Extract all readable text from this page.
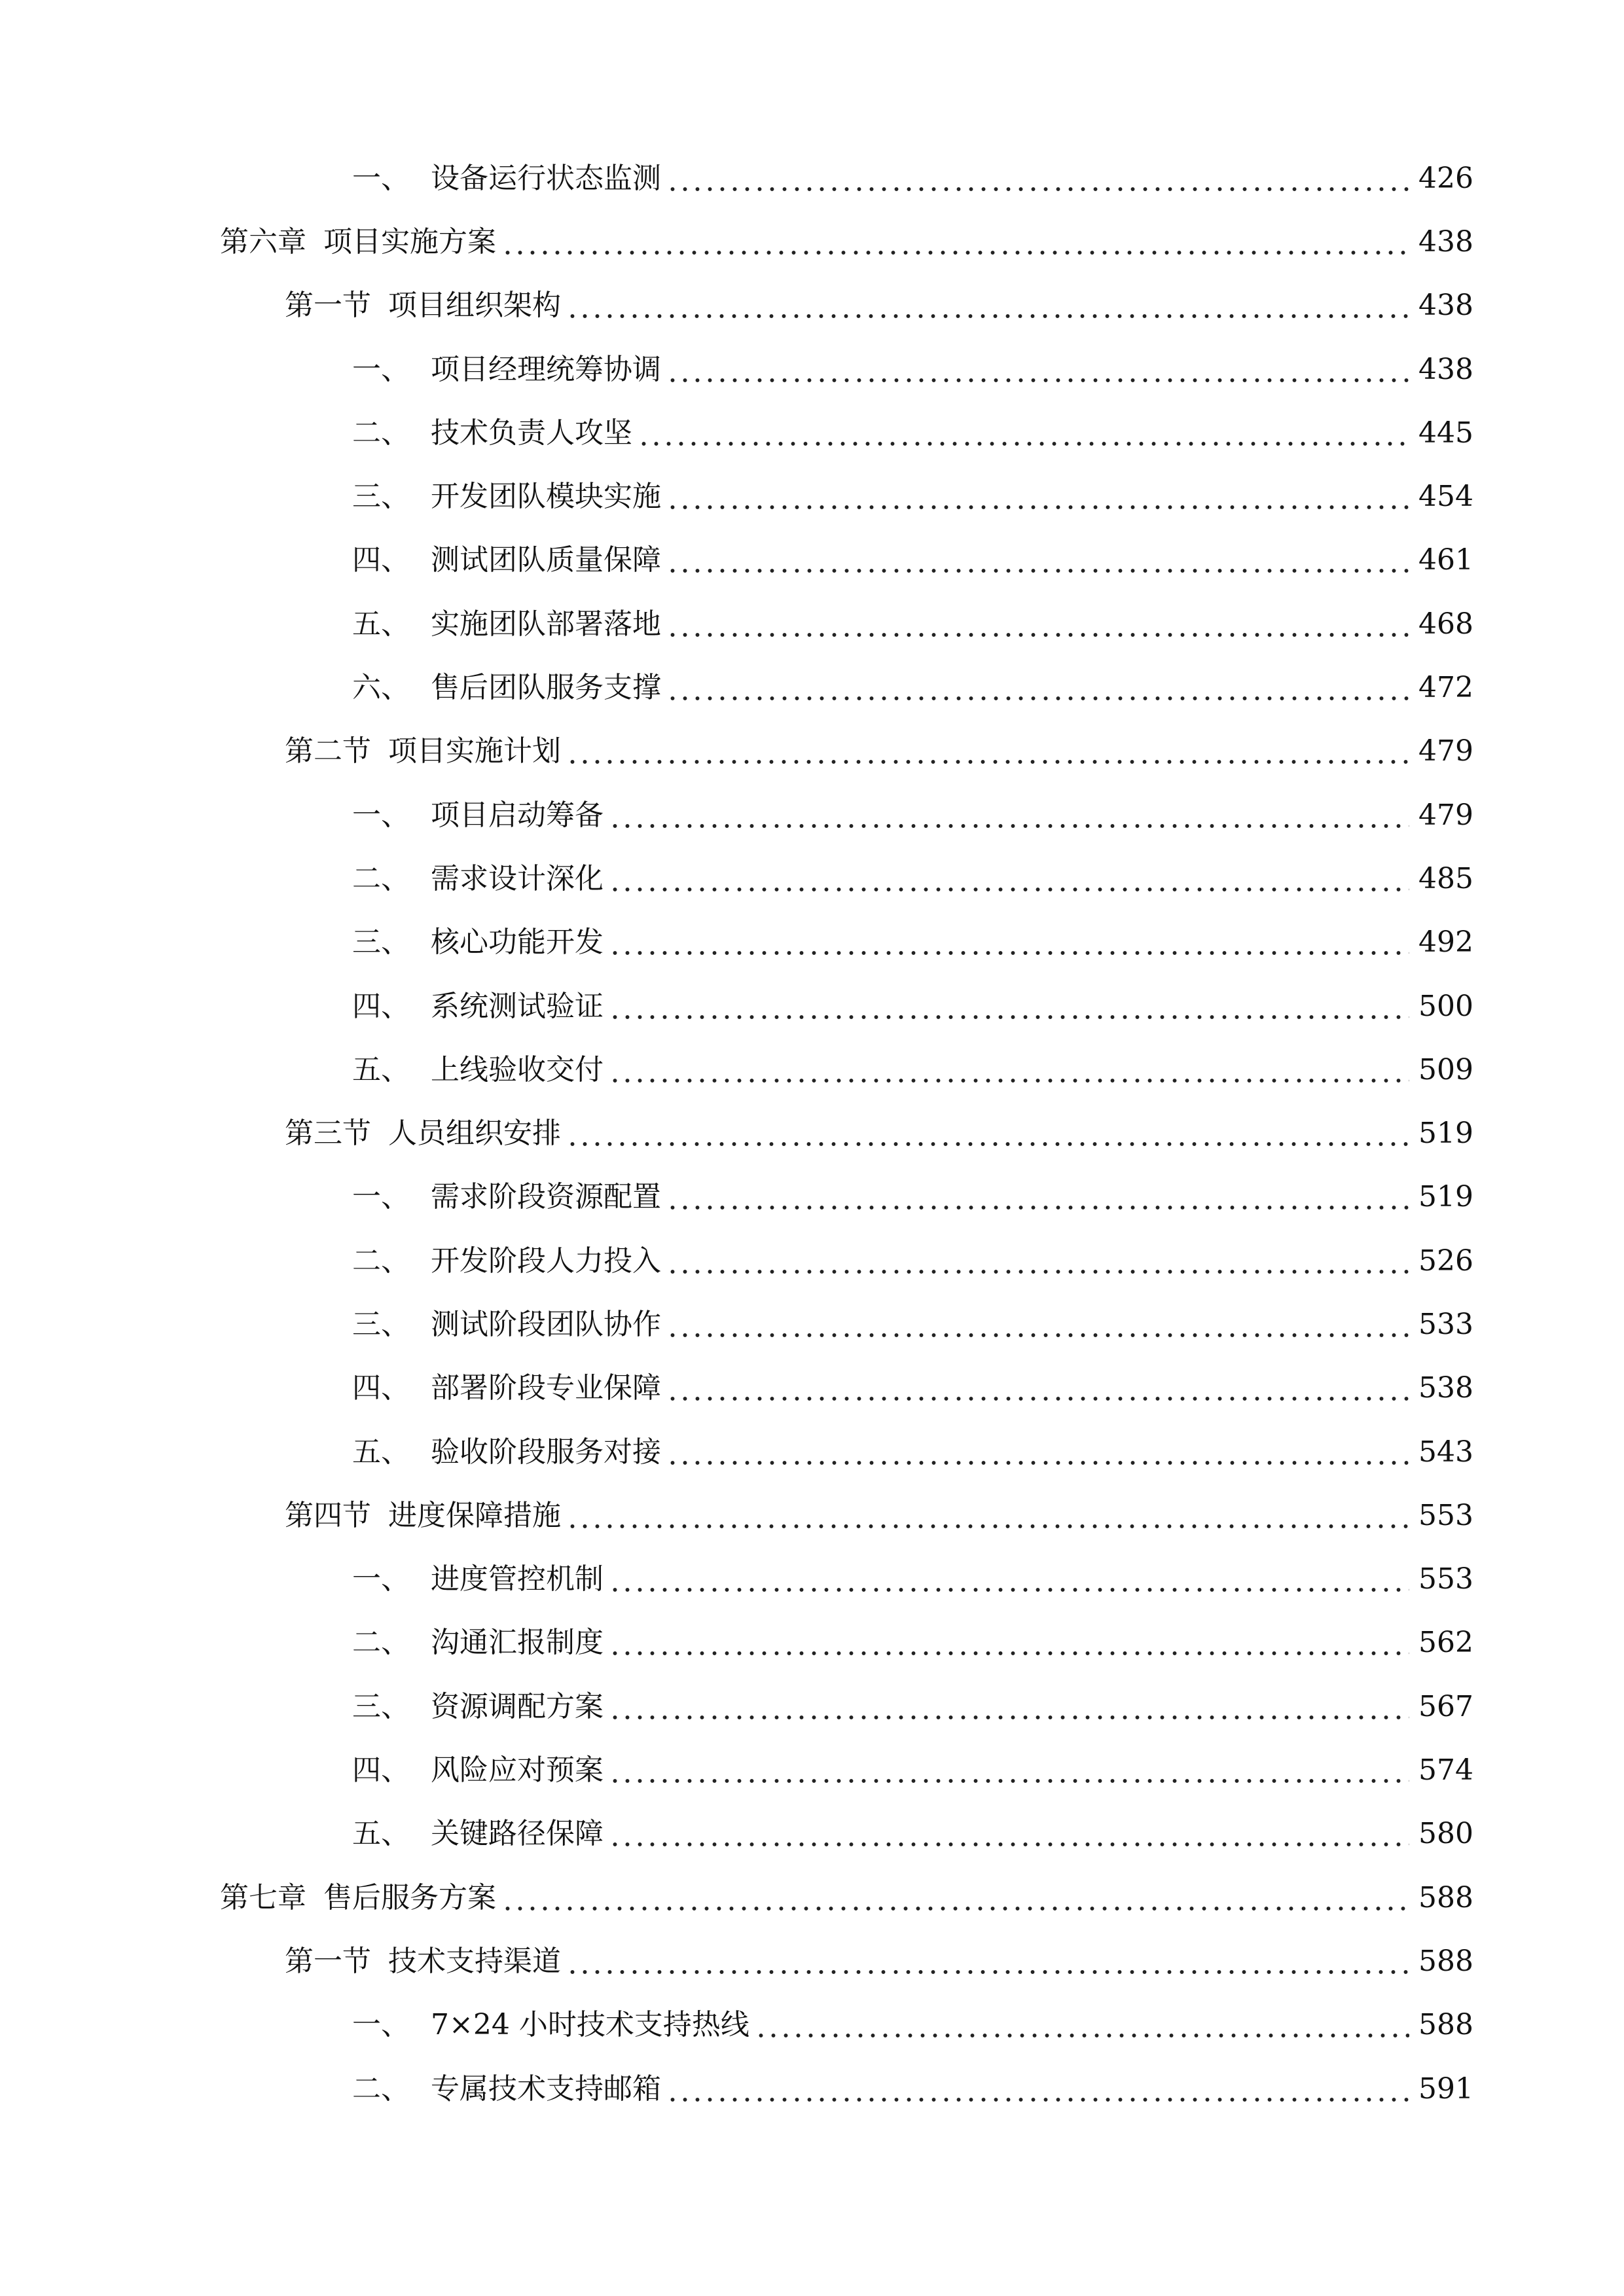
一、 设备运行状态监测	426
第六章 项目实施方案	438
第一节 项目组织架构	438
一、 项目经理统筹协调	438
二、 技术负责人攻坚	445
三、 开发团队模块实施	454
四、 测试团队质量保障	461
五、 实施团队部署落地	468
六、 售后团队服务支撑	472
第二节 项目实施计划	479
一、 项目启动筹备	479
二、 需求设计深化	485
三、 核心功能开发	492
四、 系统测试验证	500
五、 上线验收交付	509
第三节 人员组织安排	519
一、 需求阶段资源配置	519
二、 开发阶段人力投入	526
三、 测试阶段团队协作	533
四、 部署阶段专业保障	538
五、 验收阶段服务对接	543
第四节 进度保障措施	553
一、 进度管控机制	553
二、 沟通汇报制度	562
三、 资源调配方案	567
四、 风险应对预案	574
五、 关键路径保障	580
第七章 售后服务方案	588
第一节 技术支持渠道	588
一、 7×24 小时技术支持热线	588
二、 专属技术支持邮箱	591
